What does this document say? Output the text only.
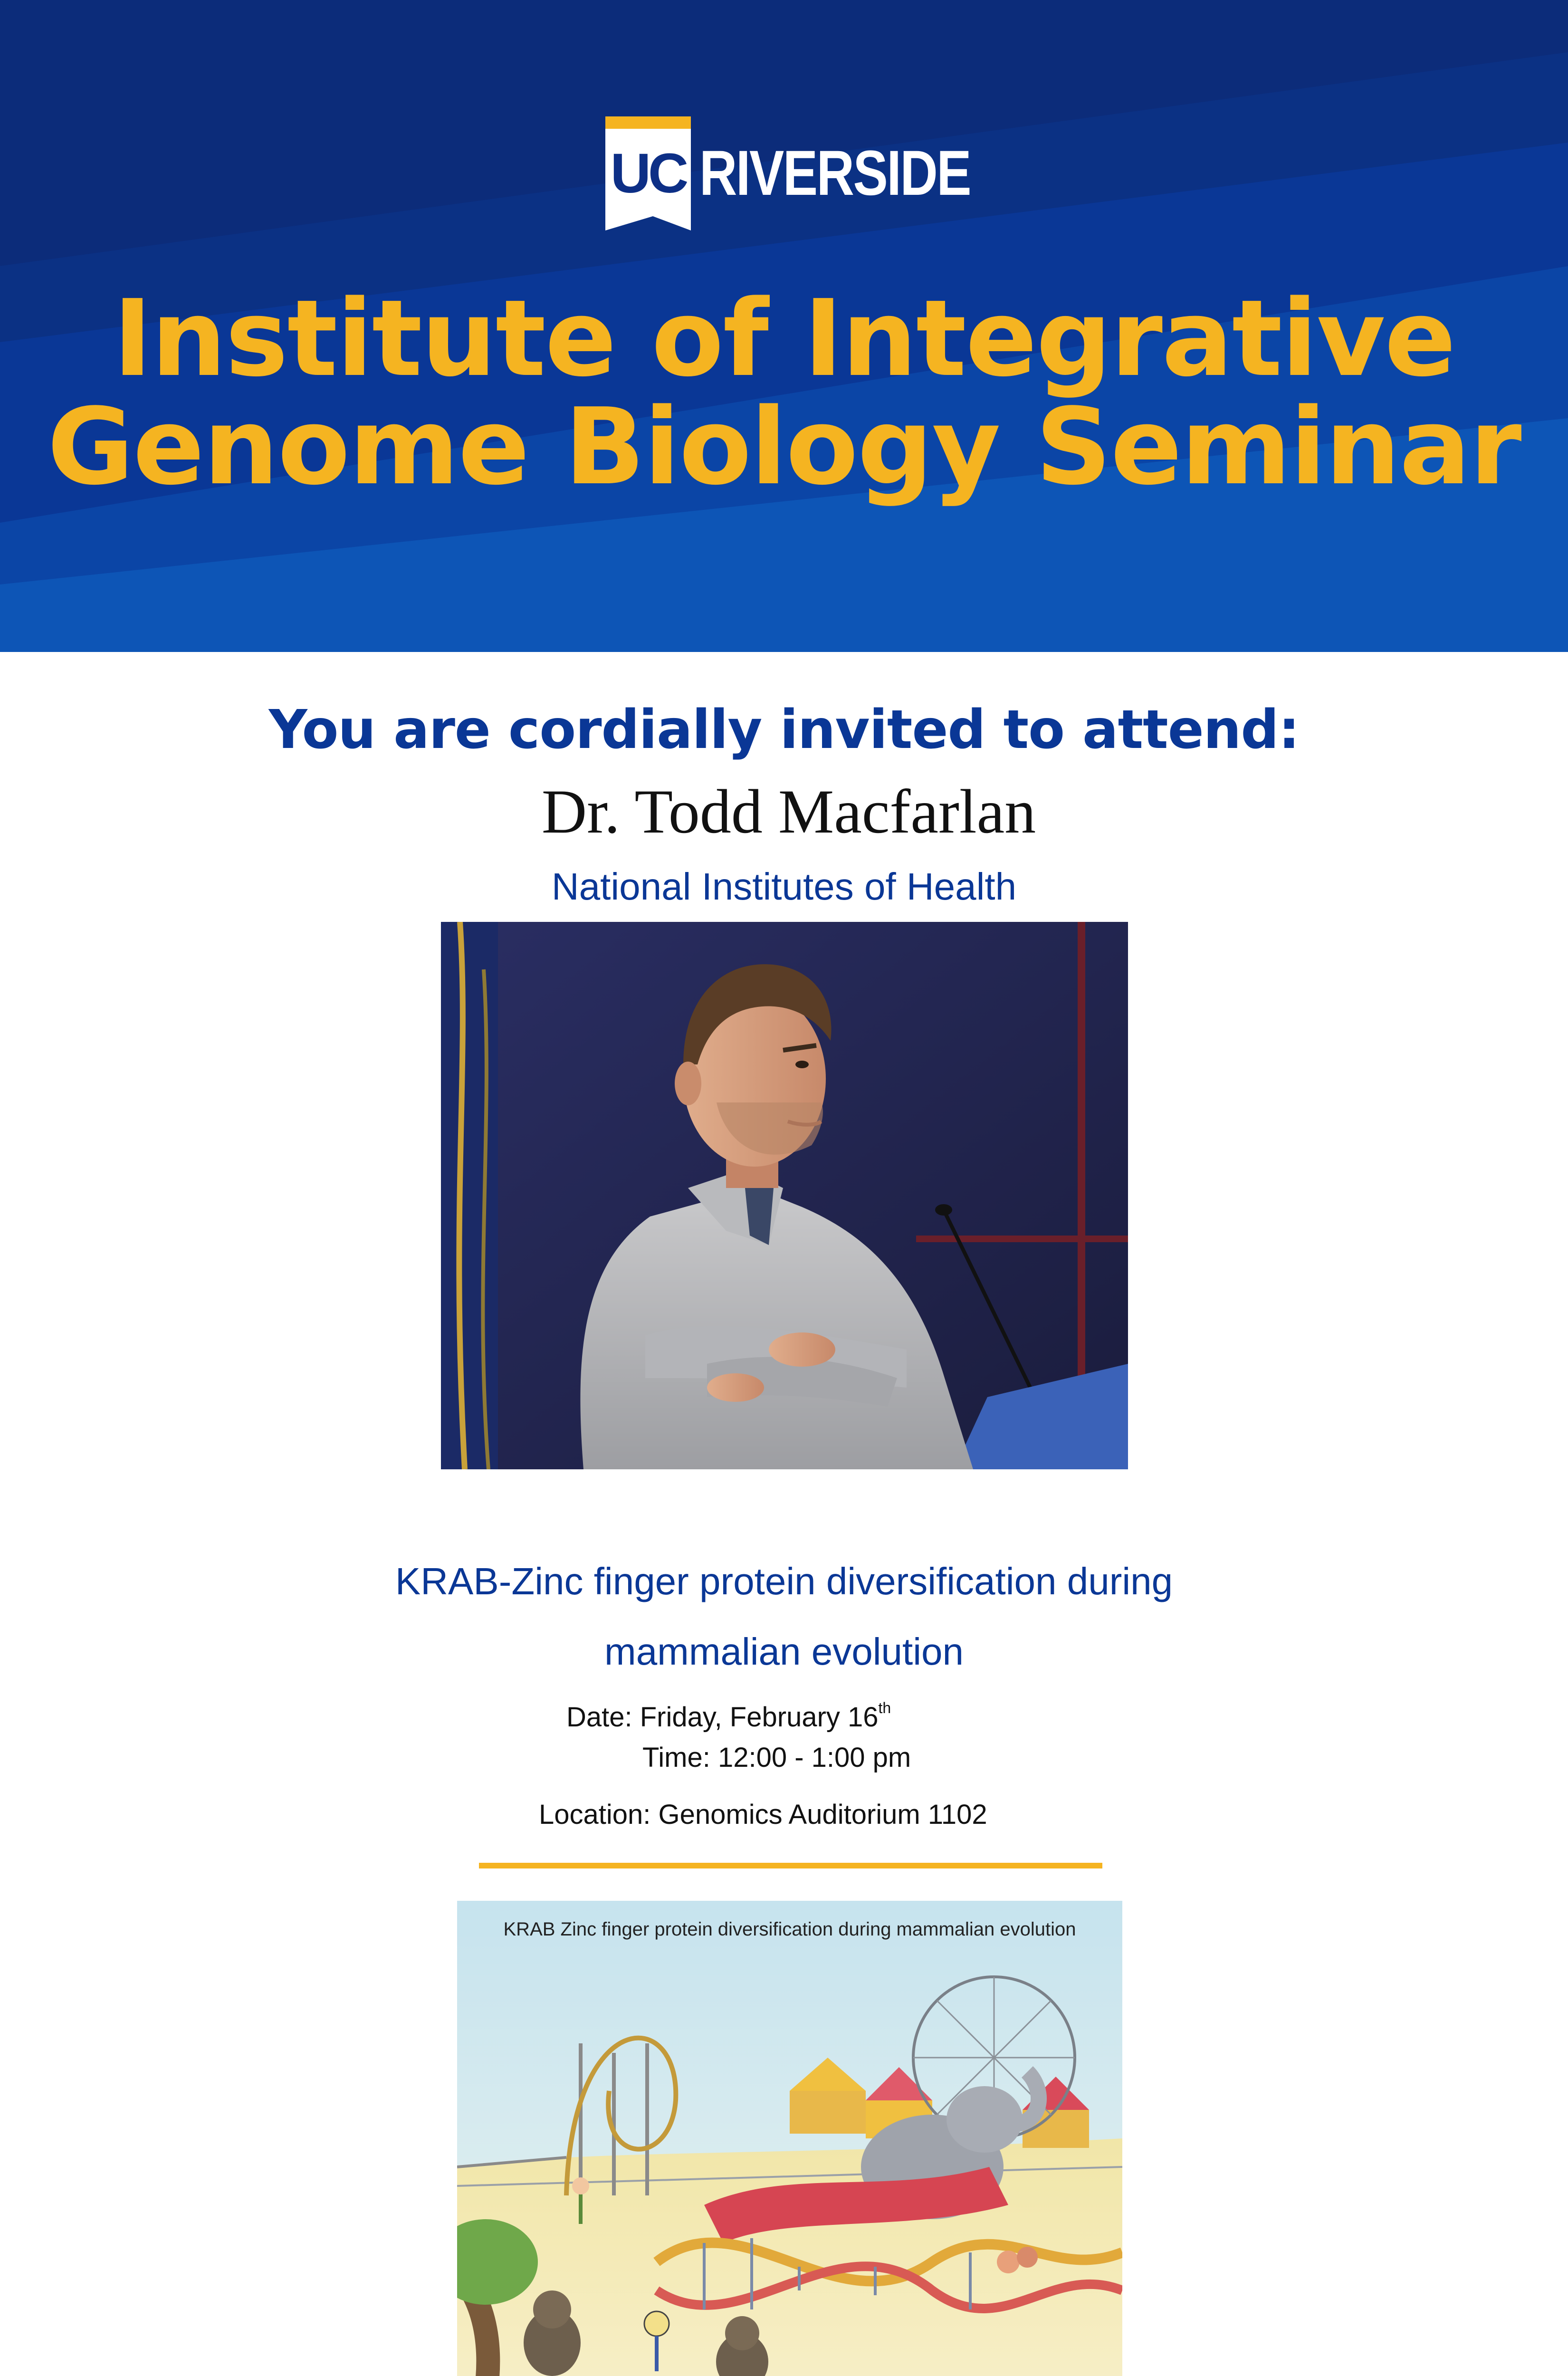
UC RIVERSIDE
Institute of Integrative
Genome Biology Seminar
You are cordially invited to attend:
Dr. Todd Macfarlan
National Institutes of Health
KRAB-Zinc finger protein diversification during
mammalian evolution
Date: Friday, February 16th
Time: 12:00 - 1:00 pm
Location: Genomics Auditorium 1102
KRAB Zinc finger protein diversification during mammalian evolution
